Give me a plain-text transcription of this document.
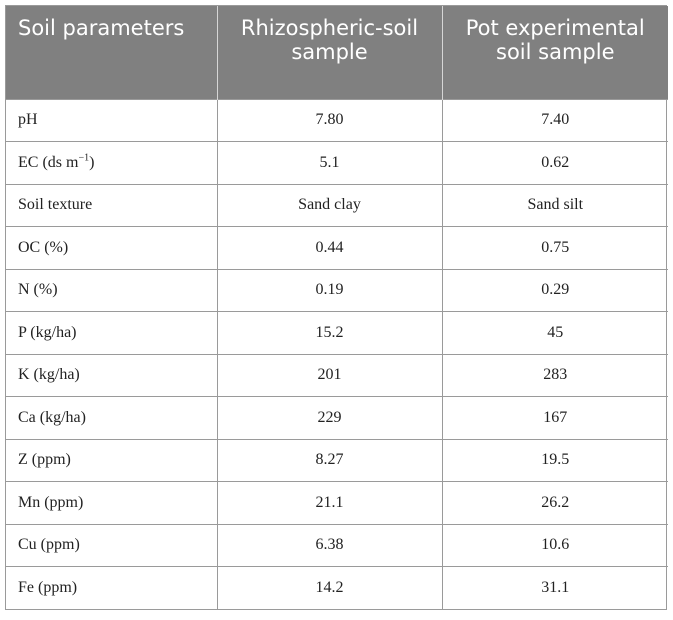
Soil parameters	Rhizospheric-soil sample	Pot experimental soil sample
pH	7.80	7.40
EC (ds $m^{-1}$)	5.1	0.62
Soil texture	Sand clay	Sand silt
OC (%)	0.44	0.75
N (%)	0.19	0.29
P (kg/ha)	15.2	45
K (kg/ha)	201	283
Ca (kg/ha)	229	167
Z (ppm)	8.27	19.5
Mn (ppm)	21.1	26.2
Cu (ppm)	6.38	10.6
Fe (ppm)	14.2	31.1
